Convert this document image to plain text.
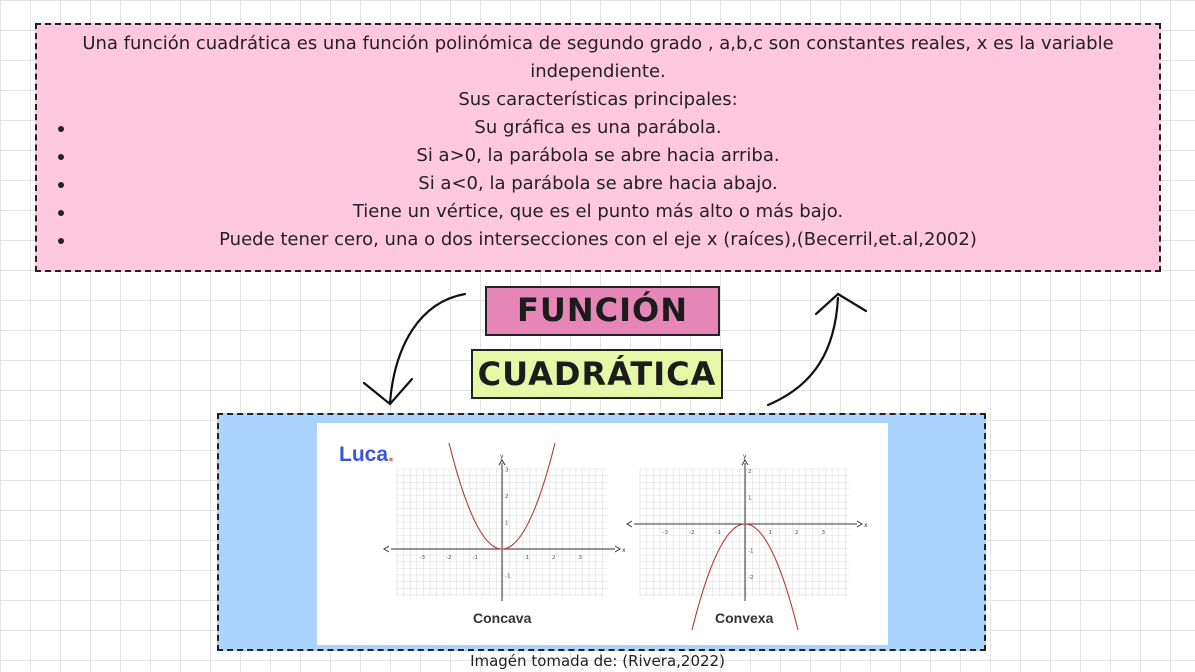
Una función cuadrática es una función polinómica de segundo grado , a,b,c son constantes reales, x es la variable independiente.

Sus características principales:

Su gráfica es una parábola.
Si a>0, la parábola se abre hacia arriba.
Si a<0, la parábola se abre hacia abajo.
Tiene un vértice, que es el punto más alto o más bajo.
Puede tener cero, una o dos intersecciones con el eje x (raíces),(Becerril,et.al,2002)
FUNCIÓN
CUADRÁTICA
Luca.
x
y
-3	-2	-1	1	2	3
3
2
1
-1
Concava
x
y
-3	-2	-1	1	2	3
2
1
-1
-2
Convexa
Imagén tomada de: (Rivera,2022)
